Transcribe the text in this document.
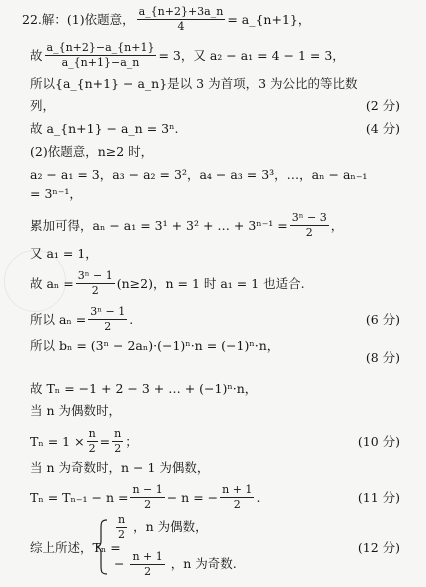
22.解：(1)依题意， $\frac{a\_\{n+2\}+3a\_n}{4}$ = a_{n+1}，
故 $\frac{a\_\{n+2\}-a\_\{n+1\}}{a\_\{n+1\}-a\_n} = 3$，又 a₂ − a₁ = 4 − 1 = 3，
所以{a_{n+1} − a_n}是以 3 为首项，3 为公比的等比数
列，	(2 分)
故 a_{n+1} − a_n = 3ⁿ.	(4 分)
(2)依题意，n≥2 时，
a₂ − a₁ = 3，a₃ − a₂ = 3²，a₄ − a₃ = 3³，…，aₙ − aₙ₋₁
= 3ⁿ⁻¹，
累加可得，aₙ − a₁ = 3¹ + 3² + … + $3^{n-1} = \frac{\text{3ⁿ − 3}}{2}$ ，
又 a₁ = 1，
故 $a_n = \frac{\text{3ⁿ − 1}}{2} (n\ge 2)$，n = 1 时 a₁ = 1 也适合.
所以 $a_n = \frac{\text{3ⁿ − 1}}{2}$ .	(6 分)
所以 bₙ = (3ⁿ − 2aₙ)·(−1)ⁿ·n = (−1)ⁿ·n，
(8 分)
故 Tₙ = −1 + 2 − 3 + … + (−1)ⁿ·n，
当 n 为偶数时，
$T_n = 1 \times \frac{n}{2} = \frac{n}{2}$ ；	(10 分)
当 n 为奇数时，n − 1 为偶数，
$T_n = T_{n-1} - n = \frac{n - 1}{2} - n$ = − $\frac{n + 1}{2}$ .	(11 分)
综上所述，Tₙ =
$\frac{n}{2}$ ，n 为偶数，
− $\frac{n + 1}{2}$ ，n 为奇数.
(12 分)
